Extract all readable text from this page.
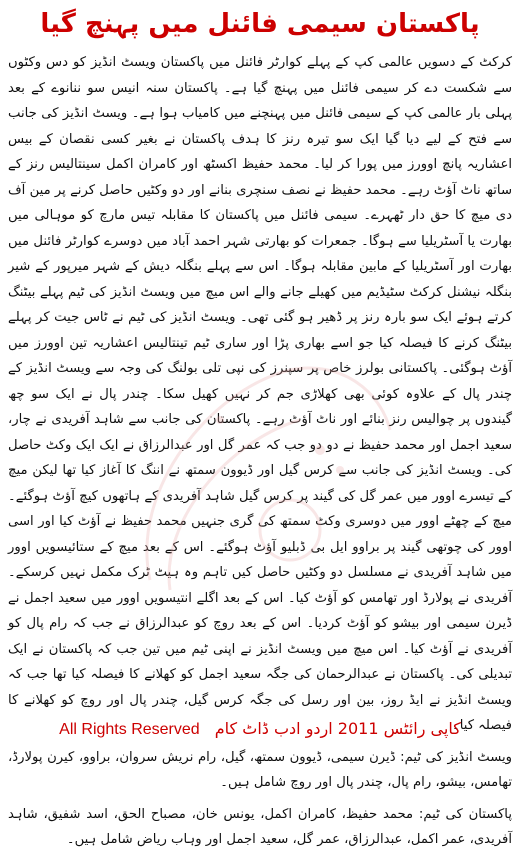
پاکستان سیمی فائنل میں پہنچ گیا

کرکٹ کے دسویں عالمی کپ کے پہلے کوارٹر فائنل میں پاکستان ویسٹ انڈیز کو دس وکٹوں سے شکست دے کر سیمی فائنل میں پہنچ گیا ہے۔ پاکستان سنہ انیس سو ننانوے کے بعد پہلی بار عالمی کپ کے سیمی فائنل میں پہنچنے میں کامیاب ہوا ہے۔ ویسٹ انڈیز کی جانب سے فتح کے لیے دیا گیا ایک سو تیرہ رنز کا ہدف پاکستان نے بغیر کسی نقصان کے بیس اعشاریہ پانچ اوورز میں پورا کر لیا۔ محمد حفیظ اکسٹھ اور کامران اکمل سینتالیس رنز کے ساتھ ناٹ آؤٹ رہے۔ محمد حفیظ نے نصف سنچری بنانے اور دو وکٹیں حاصل کرنے پر مین آف دی میچ کا حق دار ٹھہرے۔ سیمی فائنل میں پاکستان کا مقابلہ تیس مارچ کو موہالی میں بھارت یا آسٹریلیا سے ہوگا۔ جمعرات کو بھارتی شہر احمد آباد میں دوسرے کوارٹر فائنل میں بھارت اور آسٹریلیا کے مابین مقابلہ ہوگا۔ اس سے پہلے بنگلہ دیش کے شہر میرپور کے شیر بنگلہ نیشنل کرکٹ سٹیڈیم میں کھیلے جانے والے اس میچ میں ویسٹ انڈیز کی ٹیم پہلے بیٹنگ کرتے ہوئے ایک سو بارہ رنز پر ڈھیر ہو گئی تھی۔ ویسٹ انڈیز کی ٹیم نے ٹاس جیت کر پہلے بیٹنگ کرنے کا فیصلہ کیا جو اسے بھاری پڑا اور ساری ٹیم تینتالیس اعشاریہ تین اوورز میں آؤٹ ہوگئی۔ پاکستانی بولرز خاص پر سپنرز کی نپی تلی بولنگ کی وجہ سے ویسٹ انڈیز کے چندر پال کے علاوہ کوئی بھی کھلاڑی جم کر نہیں کھیل سکا۔ چندر پال نے ایک سو چھ گیندوں پر چوالیس رنز بنائے اور ناٹ آؤٹ رہے۔ پاکستان کی جانب سے شاہد آفریدی نے چار، سعید اجمل اور محمد حفیظ نے دو دو جب کہ عمر گل اور عبدالرزاق نے ایک ایک وکٹ حاصل کی۔ ویسٹ انڈیز کی جانب سے کرس گیل اور ڈیوون سمتھ نے اننگ کا آغاز کیا تھا لیکن میچ کے تیسرے اوور میں عمر گل کی گیند پر کرس گیل شاہد آفریدی کے ہاتھوں کیچ آؤٹ ہوگئے۔ میچ کے چھٹے اوور میں دوسری وکٹ سمتھ کی گری جنہیں محمد حفیظ نے آؤٹ کیا اور اسی اوور کی چوتھی گیند پر براوو ایل بی ڈبلیو آؤٹ ہوگئے۔ اس کے بعد میچ کے ستائیسویں اوور میں شاہد آفریدی نے مسلسل دو وکٹیں حاصل کیں تاہم وہ ہیٹ ٹرک مکمل نہیں کرسکے۔ آفریدی نے پولارڈ اور تھامس کو آؤٹ کیا۔ اس کے بعد اگلے انتیسویں اوور میں سعید اجمل نے ڈیرن سیمی اور بیشو کو آؤٹ کردیا۔ اس کے بعد روچ کو عبدالرزاق نے جب کہ رام پال کو آفریدی نے آؤٹ کیا۔ اس میچ میں ویسٹ انڈیز نے اپنی ٹیم میں تین جب کہ پاکستان نے ایک تبدیلی کی۔ پاکستان نے عبدالرحمان کی جگہ سعید اجمل کو کھلانے کا فیصلہ کیا تھا جب کہ ویسٹ انڈیز نے ایڈ روز، بین اور رسل کی جگہ کرس گیل، چندر پال اور روچ کو کھلانے کا فیصلہ کیا۔

ویسٹ انڈیز کی ٹیم: ڈیرن سیمی، ڈیوون سمتھ، گیل، رام نریش سروان، براوو، کیرن پولارڈ، تھامس، بیشو، رام پال، چندر پال اور روچ شامل ہیں۔

پاکستان کی ٹیم: محمد حفیظ، کامران اکمل، یونس خان، مصباح الحق، اسد شفیق، شاہد آفریدی، عمر اکمل، عبدالرزاق، عمر گل، سعید اجمل اور وہاب ریاض شامل ہیں۔

All Rights Reserved کاپی رائٹس 2011 اردو ادب ڈاٹ کام
